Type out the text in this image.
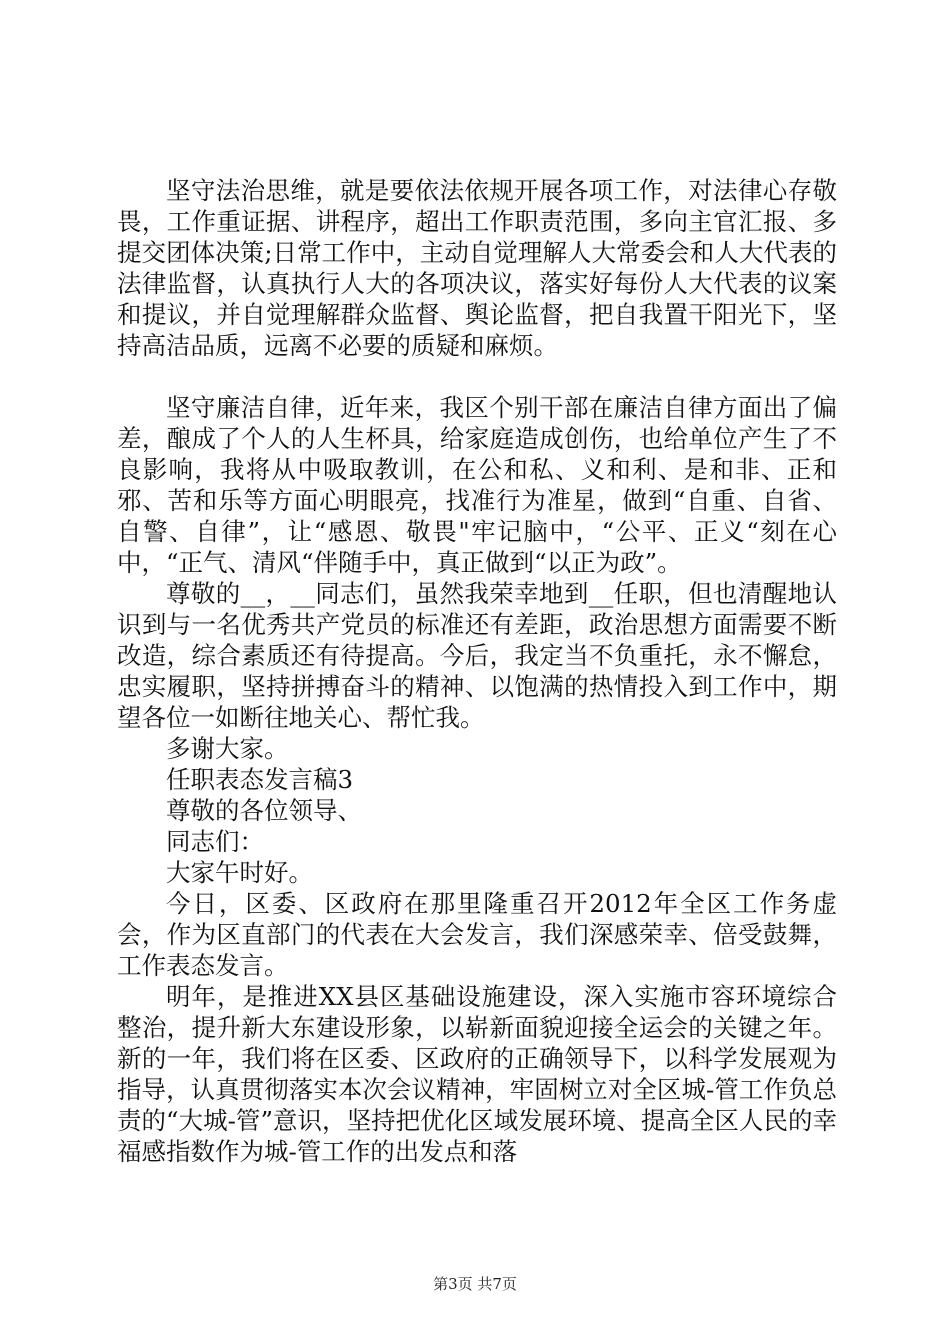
坚守法治思维，就是要依法依规开展各项工作，对法律心存敬畏，工作重证据、讲程序，超出工作职责范围，多向主官汇报、多提交团体决策;日常工作中，主动自觉理解人大常委会和人大代表的法律监督，认真执行人大的各项决议，落实好每份人大代表的议案和提议，并自觉理解群众监督、舆论监督，把自我置干阳光下，坚持高洁品质，远离不必要的质疑和麻烦。

坚守廉洁自律，近年来，我区个别干部在廉洁自律方面出了偏差，酿成了个人的人生杯具，给家庭造成创伤，也给单位产生了不良影响，我将从中吸取教训，在公和私、义和利、是和非、正和邪、苦和乐等方面心明眼亮，找准行为准星，做到“自重、自省、自警、自律”，让“感恩、敬畏"牢记脑中，“公平、正义“刻在心中，“正气、清风“伴随手中，真正做到“以正为政”。

尊敬的__，__同志们，虽然我荣幸地到__任职，但也清醒地认识到与一名优秀共产党员的标准还有差距，政治思想方面需要不断改造，综合素质还有待提高。今后，我定当不负重托，永不懈怠，忠实履职，坚持拼搏奋斗的精神、以饱满的热情投入到工作中，期望各位一如断往地关心、帮忙我。

多谢大家。

任职表态发言稿3

尊敬的各位领导、

同志们：

大家午时好。

今日，区委、区政府在那里隆重召开2012年全区工作务虚会，作为区直部门的代表在大会发言，我们深感荣幸、倍受鼓舞，工作表态发言。

明年，是推进XX县区基础设施建设，深入实施市容环境综合整治，提升新大东建设形象，以崭新面貌迎接全运会的关键之年。新的一年，我们将在区委、区政府的正确领导下，以科学发展观为指导，认真贯彻落实本次会议精神，牢固树立对全区城-管工作负总责的“大城-管”意识，坚持把优化区域发展环境、提高全区人民的幸福感指数作为城-管工作的出发点和落

第3页 共7页
